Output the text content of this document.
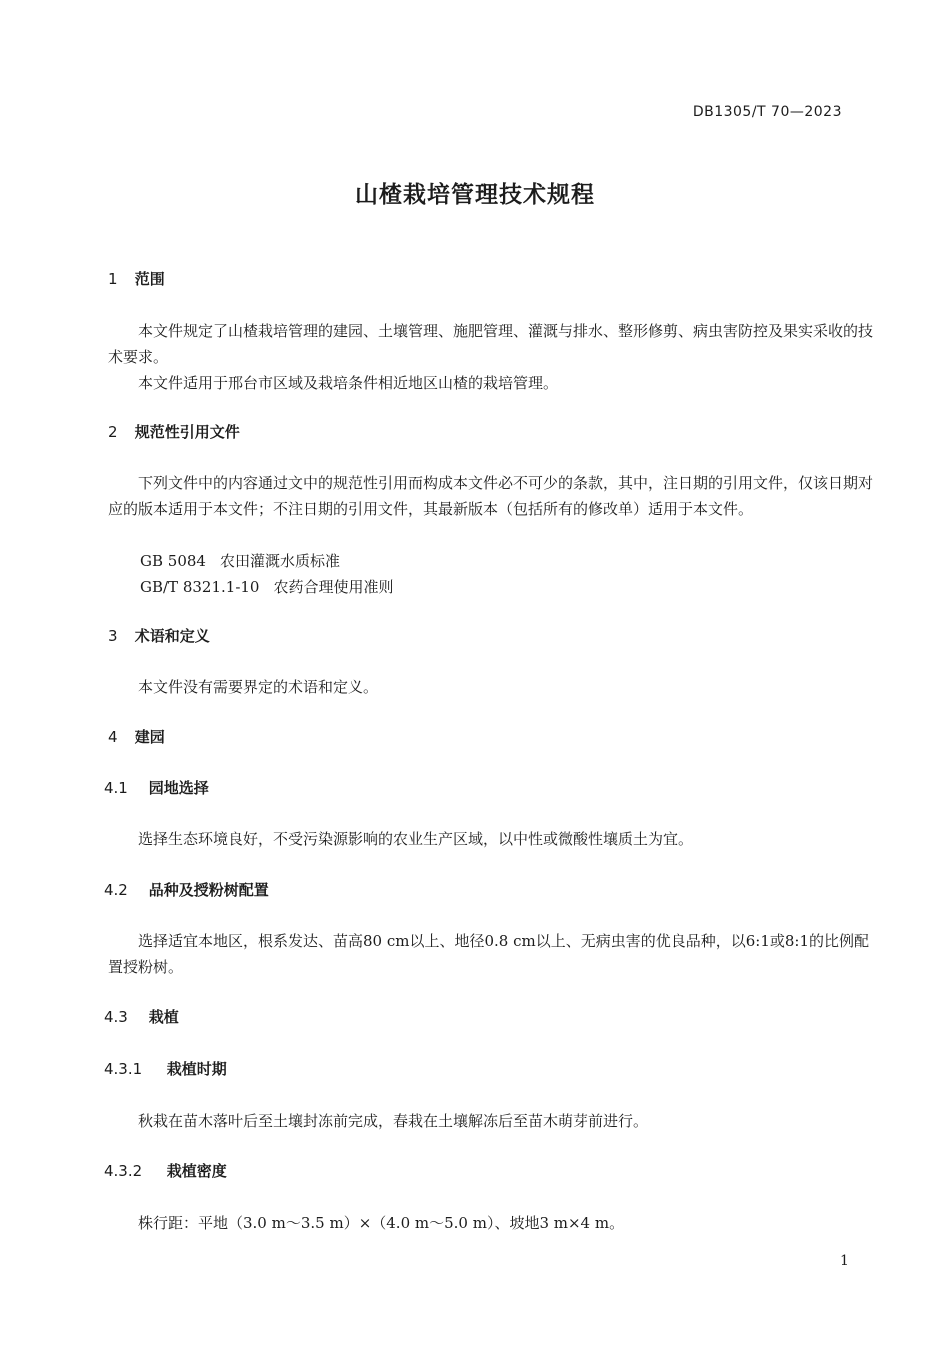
DB1305/T 70—2023
山楂栽培管理技术规程
1 范围
本文件规定了山楂栽培管理的建园、土壤管理、施肥管理、灌溉与排水、整形修剪、病虫害防控及果实采收的技术要求。
本文件适用于邢台市区域及栽培条件相近地区山楂的栽培管理。
2 规范性引用文件
下列文件中的内容通过文中的规范性引用而构成本文件必不可少的条款，其中，注日期的引用文件，仅该日期对应的版本适用于本文件；不注日期的引用文件，其最新版本（包括所有的修改单）适用于本文件。
GB 5084 农田灌溉水质标准
GB/T 8321.1-10 农药合理使用准则
3 术语和定义
本文件没有需要界定的术语和定义。
4 建园
4.1 园地选择
选择生态环境良好，不受污染源影响的农业生产区域，以中性或微酸性壤质土为宜。
4.2 品种及授粉树配置
选择适宜本地区，根系发达、苗高80 cm以上、地径0.8 cm以上、无病虫害的优良品种，以6:1或8:1的比例配置授粉树。
4.3 栽植
4.3.1 栽植时期
秋栽在苗木落叶后至土壤封冻前完成，春栽在土壤解冻后至苗木萌芽前进行。
4.3.2 栽植密度
株行距：平地（3.0 m～3.5 m）×（4.0 m～5.0 m）、坡地3 m×4 m。
1
